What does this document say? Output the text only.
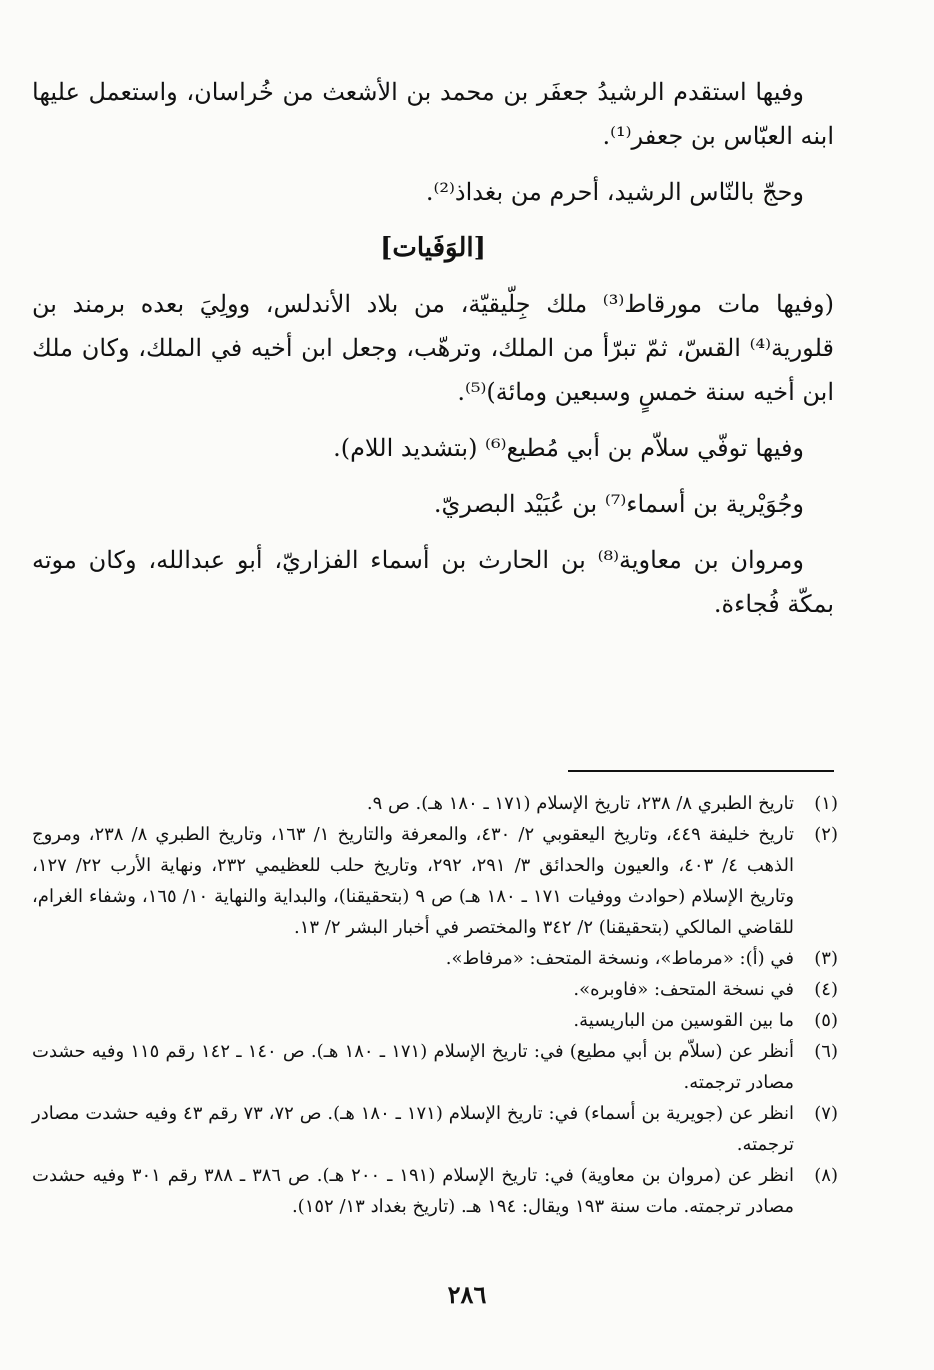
وفيها استقدم الرشيدُ جعفَر بن محمد بن الأشعث من خُراسان، واستعمل عليها ابنه العبّاس بن جعفر⁽¹⁾.

وحجّ بالنّاس الرشيد، أحرم من بغداذ⁽²⁾.

[الوَفَيات]

(وفيها مات مورقاط⁽³⁾ ملك جِلّيقيّة، من بلاد الأندلس، وولِيَ بعده برمند بن قلورية⁽⁴⁾ القسّ، ثمّ تبرّأ من الملك، وترهّب، وجعل ابن أخيه في الملك، وكان ملك ابن أخيه سنة خمسٍ وسبعين ومائة)⁽⁵⁾.

وفيها توفّي سلاّم بن أبي مُطيع⁽⁶⁾ (بتشديد اللام).

وجُوَيْرية بن أسماء⁽⁷⁾ بن عُبَيْد البصريّ.

ومروان بن معاوية⁽⁸⁾ بن الحارث بن أسماء الفزاريّ، أبو عبدالله، وكان موته بمكّة فُجاءة.

(١)
تاريخ الطبري ٨/ ٢٣٨، تاريخ الإسلام (١٧١ ـ ١٨٠ هـ). ص ٩.
(٢)
تاريخ خليفة ٤٤٩، وتاريخ اليعقوبي ٢/ ٤٣٠، والمعرفة والتاريخ ١/ ١٦٣، وتاريخ الطبري ٨/ ٢٣٨، ومروج الذهب ٤/ ٤٠٣، والعيون والحدائق ٣/ ٢٩١، ٢٩٢، وتاريخ حلب للعظيمي ٢٣٢، ونهاية الأرب ٢٢/ ١٢٧، وتاريخ الإسلام (حوادث ووفيات ١٧١ ـ ١٨٠ هـ) ص ٩ (بتحقيقنا)، والبداية والنهاية ١٠/ ١٦٥، وشفاء الغرام، للقاضي المالكي (بتحقيقنا) ٢/ ٣٤٢ والمختصر في أخبار البشر ٢/ ١٣.
(٣)
في (أ): «مرماط»، ونسخة المتحف: «مرفاط».
(٤)
في نسخة المتحف: «فاوبره».
(٥)
ما بين القوسين من الباريسية.
(٦)
أنظر عن (سلاّم بن أبي مطيع) في: تاريخ الإسلام (١٧١ ـ ١٨٠ هـ). ص ١٤٠ ـ ١٤٢ رقم ١١٥ وفيه حشدت مصادر ترجمته.
(٧)
انظر عن (جويرية بن أسماء) في: تاريخ الإسلام (١٧١ ـ ١٨٠ هـ). ص ٧٢، ٧٣ رقم ٤٣ وفيه حشدت مصادر ترجمته.
(٨)
انظر عن (مروان بن معاوية) في: تاريخ الإسلام (١٩١ ـ ٢٠٠ هـ). ص ٣٨٦ ـ ٣٨٨ رقم ٣٠١ وفيه حشدت مصادر ترجمته. مات سنة ١٩٣ ويقال: ١٩٤ هـ. (تاريخ بغداد ١٣/ ١٥٢).
٢٨٦
